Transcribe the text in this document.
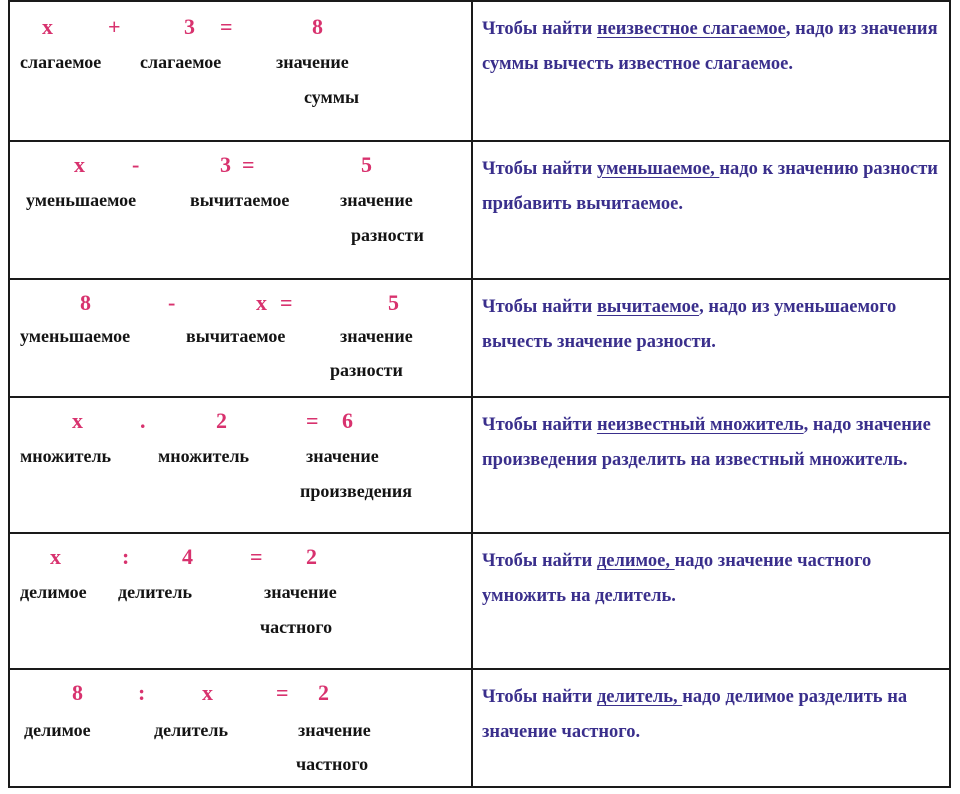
x	+	3 =	8
слагаемое слагаемое	значение
суммы
Чтобы найти неизвестное слагаемое, надо из значения суммы вычесть известное слагаемое.
x -	3 =	5
уменьшаемое	вычитаемое	значение
разности
Чтобы найти уменьшаемое, надо к значению разности прибавить вычитаемое.
8	-	x =	5
уменьшаемое	вычитаемое	значение
разности
Чтобы найти вычитаемое, надо из уменьшаемого вычесть значение разности.
x	.	2	= 6
множитель	множитель	значение
произведения
Чтобы найти неизвестный множитель, надо значение произведения разделить на известный множитель.
x	: 4	= 2
делимое делитель	значение
частного
Чтобы найти делимое, надо значение частного умножить на делитель.
8	:	x	= 2
делимое	делитель	значение
частного
Чтобы найти делитель, надо делимое разделить на значение частного.
